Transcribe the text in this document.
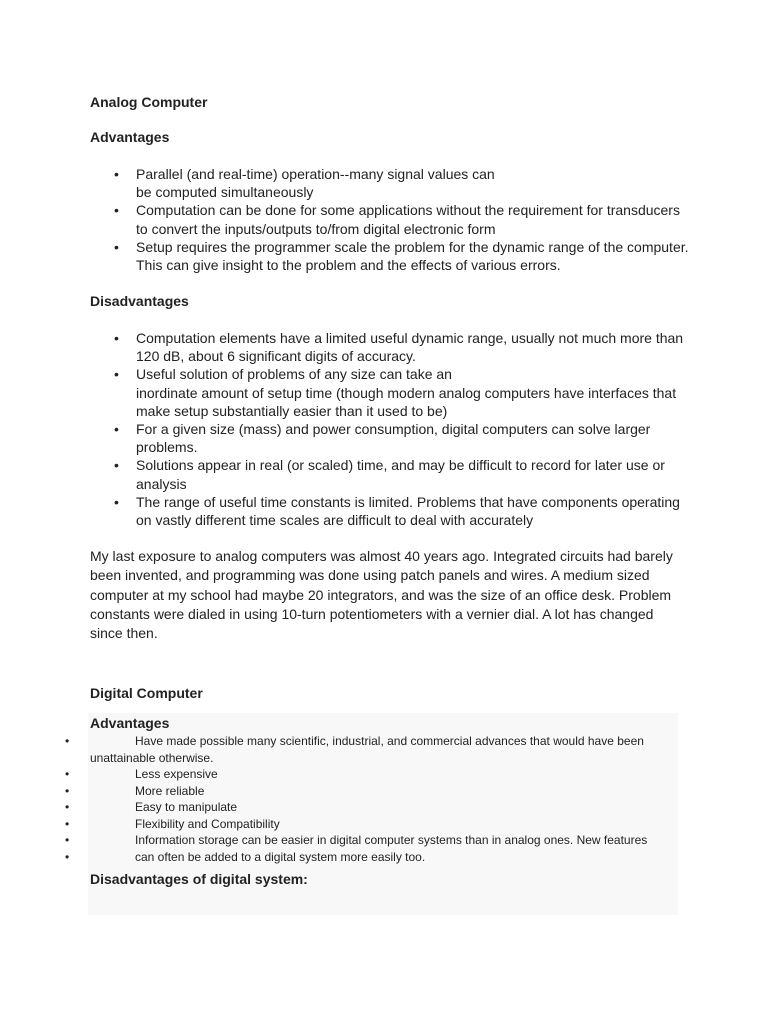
Analog Computer
Advantages
• Parallel (and real-time) operation--many signal values can
be computed simultaneously
• Computation can be done for some applications without the requirement for transducers to convert the inputs/outputs to/from digital electronic form
• Setup requires the programmer scale the problem for the dynamic range of the computer. This can give insight to the problem and the effects of various errors.
Disadvantages
• Computation elements have a limited useful dynamic range, usually not much more than 120 dB, about 6 significant digits of accuracy.
• Useful solution of problems of any size can take an
inordinate amount of setup time (though modern analog computers have interfaces that make setup substantially easier than it used to be)
• For a given size (mass) and power consumption, digital computers can solve larger problems.
• Solutions appear in real (or scaled) time, and may be difficult to record for later use or analysis
• The range of useful time constants is limited. Problems that have components operating on vastly different time scales are difficult to deal with accurately

My last exposure to analog computers was almost 40 years ago. Integrated circuits had barely been invented, and programming was done using patch panels and wires. A medium sized computer at my school had maybe 20 integrators, and was the size of an office desk. Problem constants were dialed in using 10-turn potentiometers with a vernier dial. A lot has changed since then.

Digital Computer
Advantages
• Have made possible many scientific, industrial, and commercial advances that would have been unattainable otherwise.
• Less expensive
• More reliable
• Easy to manipulate
• Flexibility and Compatibility
• Information storage can be easier in digital computer systems than in analog ones. New features
• can often be added to a digital system more easily too.
Disadvantages of digital system:
